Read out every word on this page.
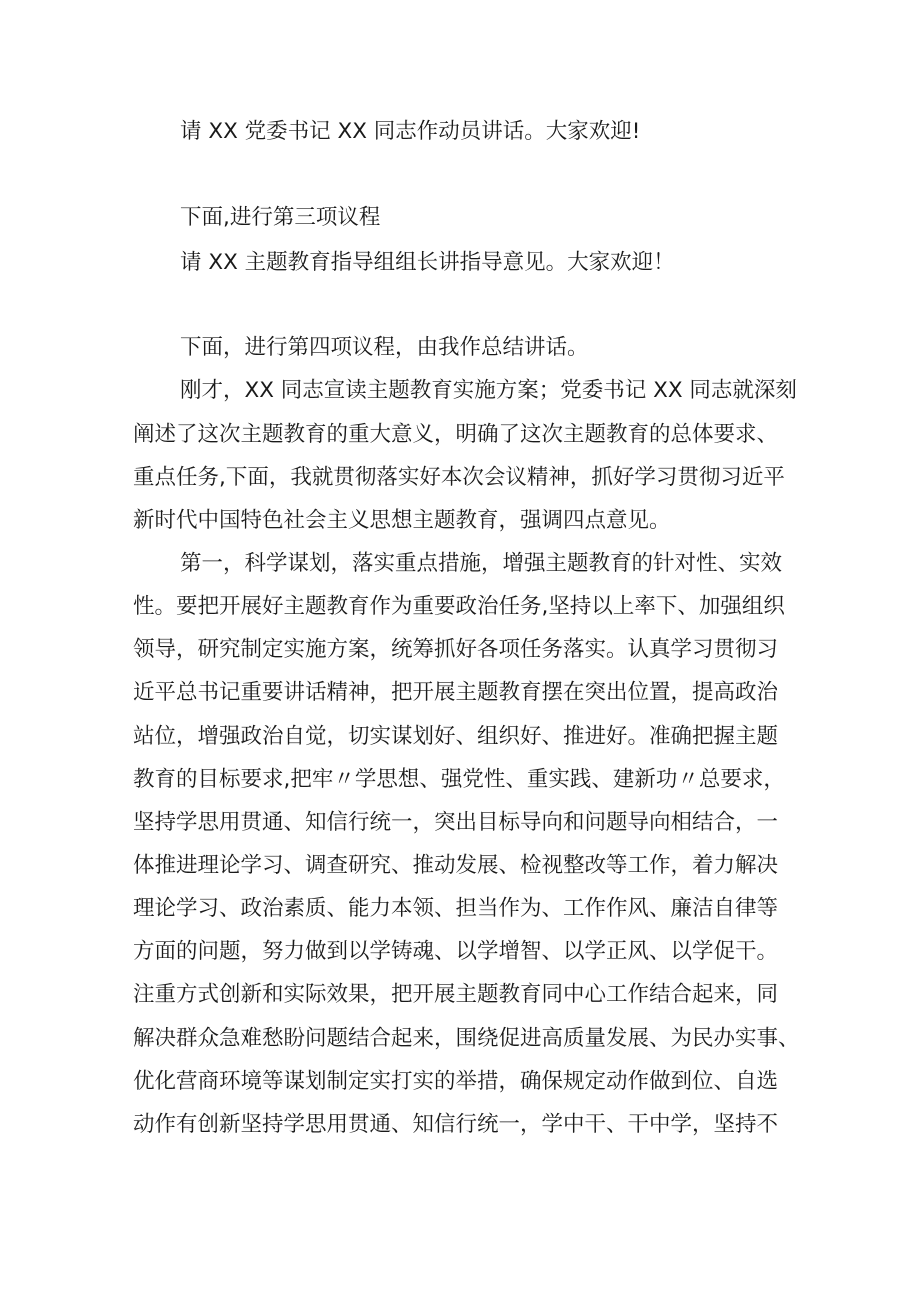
请 XX 党委书记 XX 同志作动员讲话。大家欢迎!

下面,进行第三项议程

请 XX 主题教育指导组组长讲指导意见。大家欢迎！

下面，进行第四项议程，由我作总结讲话。

刚才，XX 同志宣读主题教育实施方案；党委书记 XX 同志就深刻

阐述了这次主题教育的重大意义，明确了这次主题教育的总体要求、

重点任务,下面，我就贯彻落实好本次会议精神，抓好学习贯彻习近平

新时代中国特色社会主义思想主题教育，强调四点意见。

第一，科学谋划，落实重点措施，增强主题教育的针对性、实效

性。要把开展好主题教育作为重要政治任务,坚持以上率下、加强组织

领导，研究制定实施方案，统筹抓好各项任务落实。认真学习贯彻习

近平总书记重要讲话精神，把开展主题教育摆在突出位置，提高政治

站位，增强政治自觉，切实谋划好、组织好、推进好。准确把握主题

教育的目标要求,把牢〃学思想、强党性、重实践、建新功〃总要求，

坚持学思用贯通、知信行统一，突出目标导向和问题导向相结合，一

体推进理论学习、调查研究、推动发展、检视整改等工作，着力解决

理论学习、政治素质、能力本领、担当作为、工作作风、廉洁自律等

方面的问题，努力做到以学铸魂、以学增智、以学正风、以学促干。

注重方式创新和实际效果，把开展主题教育同中心工作结合起来，同

解决群众急难愁盼问题结合起来，围绕促进高质量发展、为民办实事、

优化营商环境等谋划制定实打实的举措，确保规定动作做到位、自选

动作有创新坚持学思用贯通、知信行统一，学中干、干中学，坚持不
